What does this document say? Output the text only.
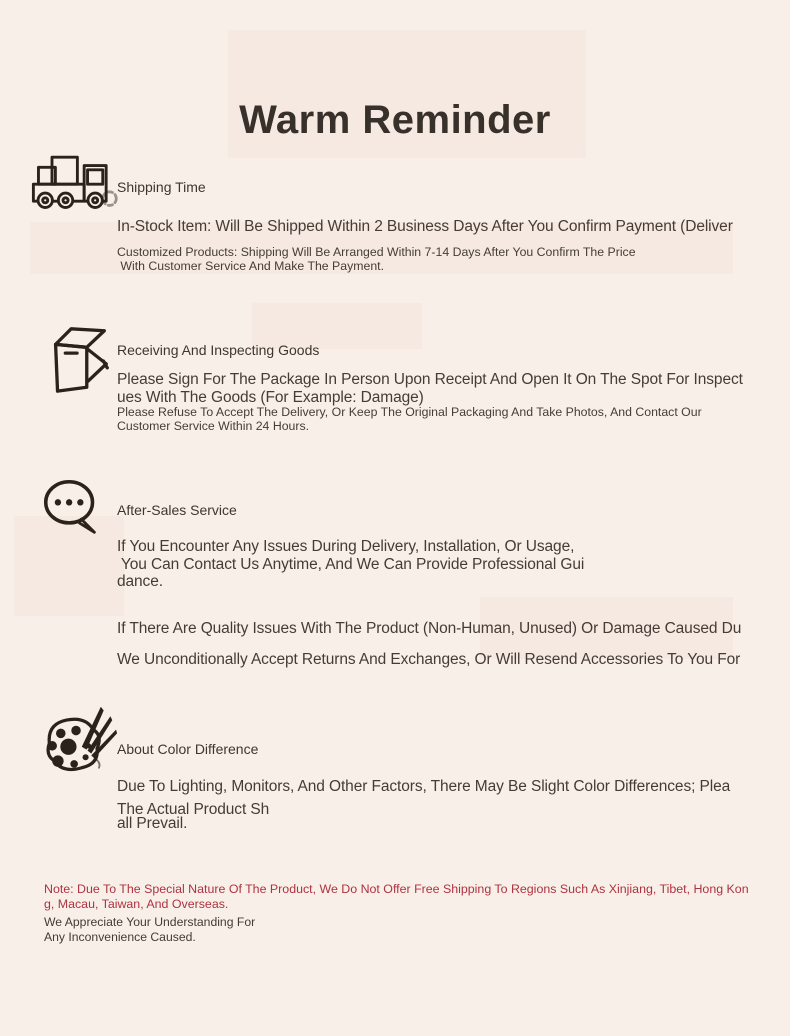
Warm Reminder
Shipping Time
In-Stock Item: Will Be Shipped Within 2 Business Days After You Confirm Payment (Deliver
Customized Products: Shipping Will Be Arranged Within 7-14 Days After You Confirm The Price
With Customer Service And Make The Payment.
Receiving And Inspecting Goods
Please Sign For The Package In Person Upon Receipt And Open It On The Spot For Inspect
ues With The Goods (For Example: Damage)
Please Refuse To Accept The Delivery, Or Keep The Original Packaging And Take Photos, And Contact Our
Customer Service Within 24 Hours.
After-Sales Service
If You Encounter Any Issues During Delivery, Installation, Or Usage,
You Can Contact Us Anytime, And We Can Provide Professional Gui
dance.
If There Are Quality Issues With The Product (Non-Human, Unused) Or Damage Caused Du
We Unconditionally Accept Returns And Exchanges, Or Will Resend Accessories To You For
About Color Difference
Due To Lighting, Monitors, And Other Factors, There May Be Slight Color Differences; Plea
The Actual Product Sh
all Prevail.
Note: Due To The Special Nature Of The Product, We Do Not Offer Free Shipping To Regions Such As Xinjiang, Tibet, Hong Kon
g, Macau, Taiwan, And Overseas.
We Appreciate Your Understanding For
Any Inconvenience Caused.
